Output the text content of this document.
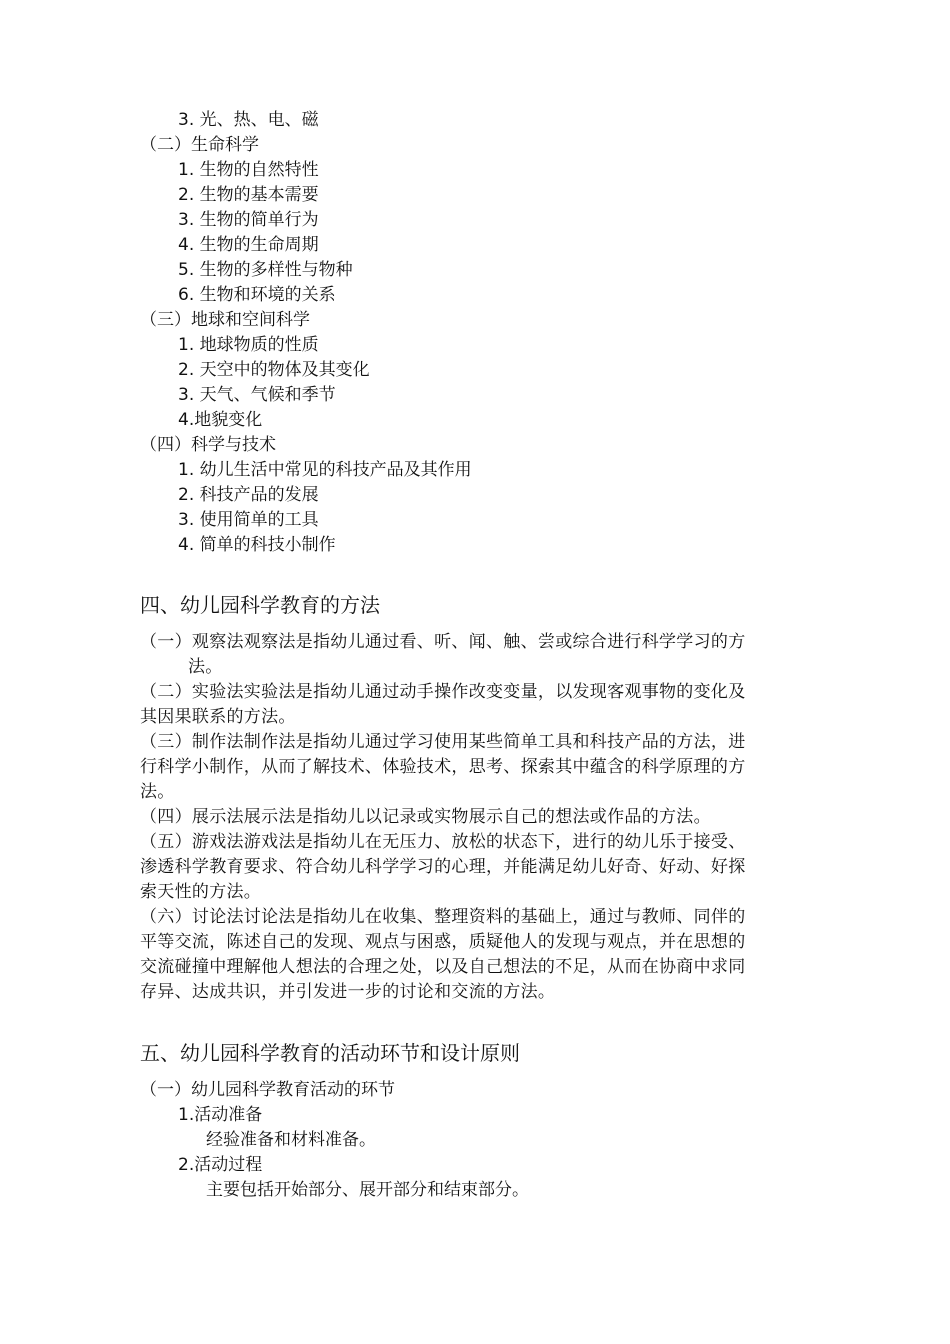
3. 光、热、电、磁
（二）生命科学
1. 生物的自然特性
2. 生物的基本需要
3. 生物的简单行为
4. 生物的生命周期
5. 生物的多样性与物种
6. 生物和环境的关系
（三）地球和空间科学
1. 地球物质的性质
2. 天空中的物体及其变化
3. 天气、气候和季节
4.地貌变化
（四）科学与技术
1. 幼儿生活中常见的科技产品及其作用
2. 科技产品的发展
3. 使用简单的工具
4. 简单的科技小制作
四、幼儿园科学教育的方法
（一）观察法观察法是指幼儿通过看、听、闻、触、尝或综合进行科学学习的方
法。
（二）实验法实验法是指幼儿通过动手操作改变变量，以发现客观事物的变化及
其因果联系的方法。
（三）制作法制作法是指幼儿通过学习使用某些简单工具和科技产品的方法，进
行科学小制作，从而了解技术、体验技术，思考、探索其中蕴含的科学原理的方
法。
（四）展示法展示法是指幼儿以记录或实物展示自己的想法或作品的方法。
（五）游戏法游戏法是指幼儿在无压力、放松的状态下，进行的幼儿乐于接受、
渗透科学教育要求、符合幼儿科学学习的心理，并能满足幼儿好奇、好动、好探
索天性的方法。
（六）讨论法讨论法是指幼儿在收集、整理资料的基础上，通过与教师、同伴的
平等交流，陈述自己的发现、观点与困惑，质疑他人的发现与观点，并在思想的
交流碰撞中理解他人想法的合理之处，以及自己想法的不足，从而在协商中求同
存异、达成共识，并引发进一步的讨论和交流的方法。
五、幼儿园科学教育的活动环节和设计原则
（一）幼儿园科学教育活动的环节
1.活动准备
经验准备和材料准备。
2.活动过程
主要包括开始部分、展开部分和结束部分。
